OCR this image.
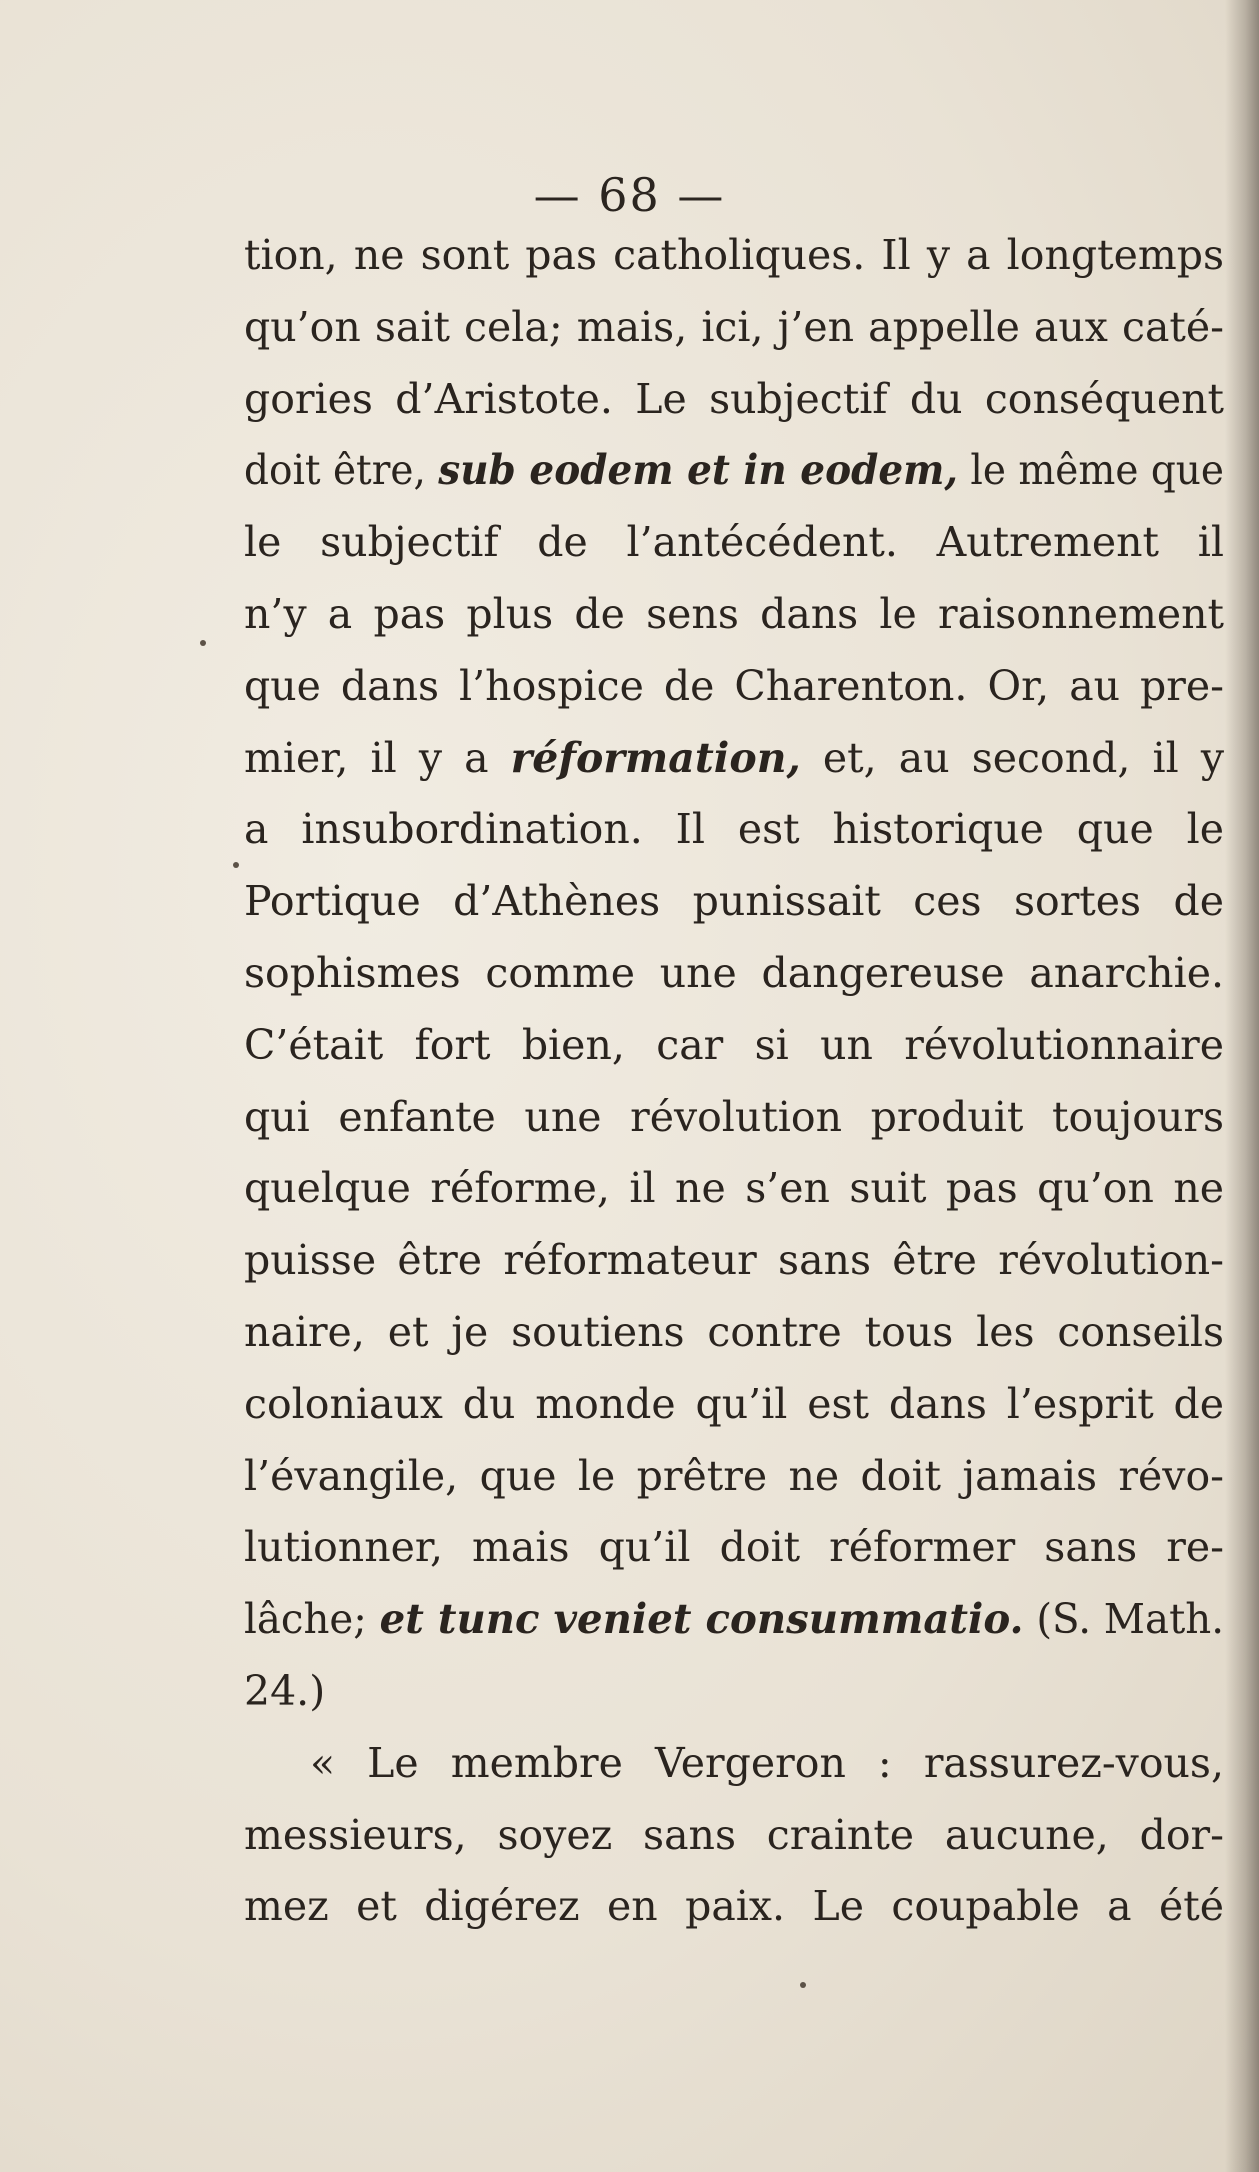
— 68 —
tion, ne sont pas catholiques. Il y a longtemps
qu’on sait cela; mais, ici, j’en appelle aux caté-
gories d’Aristote. Le subjectif du conséquent
doit être, sub eodem et in eodem, le même que
le subjectif de l’antécédent. Autrement il
n’y a pas plus de sens dans le raisonnement
que dans l’hospice de Charenton. Or, au pre-
mier, il y a réformation, et, au second, il y
a insubordination. Il est historique que le
Portique d’Athènes punissait ces sortes de
sophismes comme une dangereuse anarchie.
C’était fort bien, car si un révolutionnaire
qui enfante une révolution produit toujours
quelque réforme, il ne s’en suit pas qu’on ne
puisse être réformateur sans être révolution-
naire, et je soutiens contre tous les conseils
coloniaux du monde qu’il est dans l’esprit de
l’évangile, que le prêtre ne doit jamais révo-
lutionner, mais qu’il doit réformer sans re-
lâche; et tunc veniet consummatio. (S. Math.
24.)
« Le membre Vergeron : rassurez-vous,
messieurs, soyez sans crainte aucune, dor-
mez et digérez en paix. Le coupable a été
